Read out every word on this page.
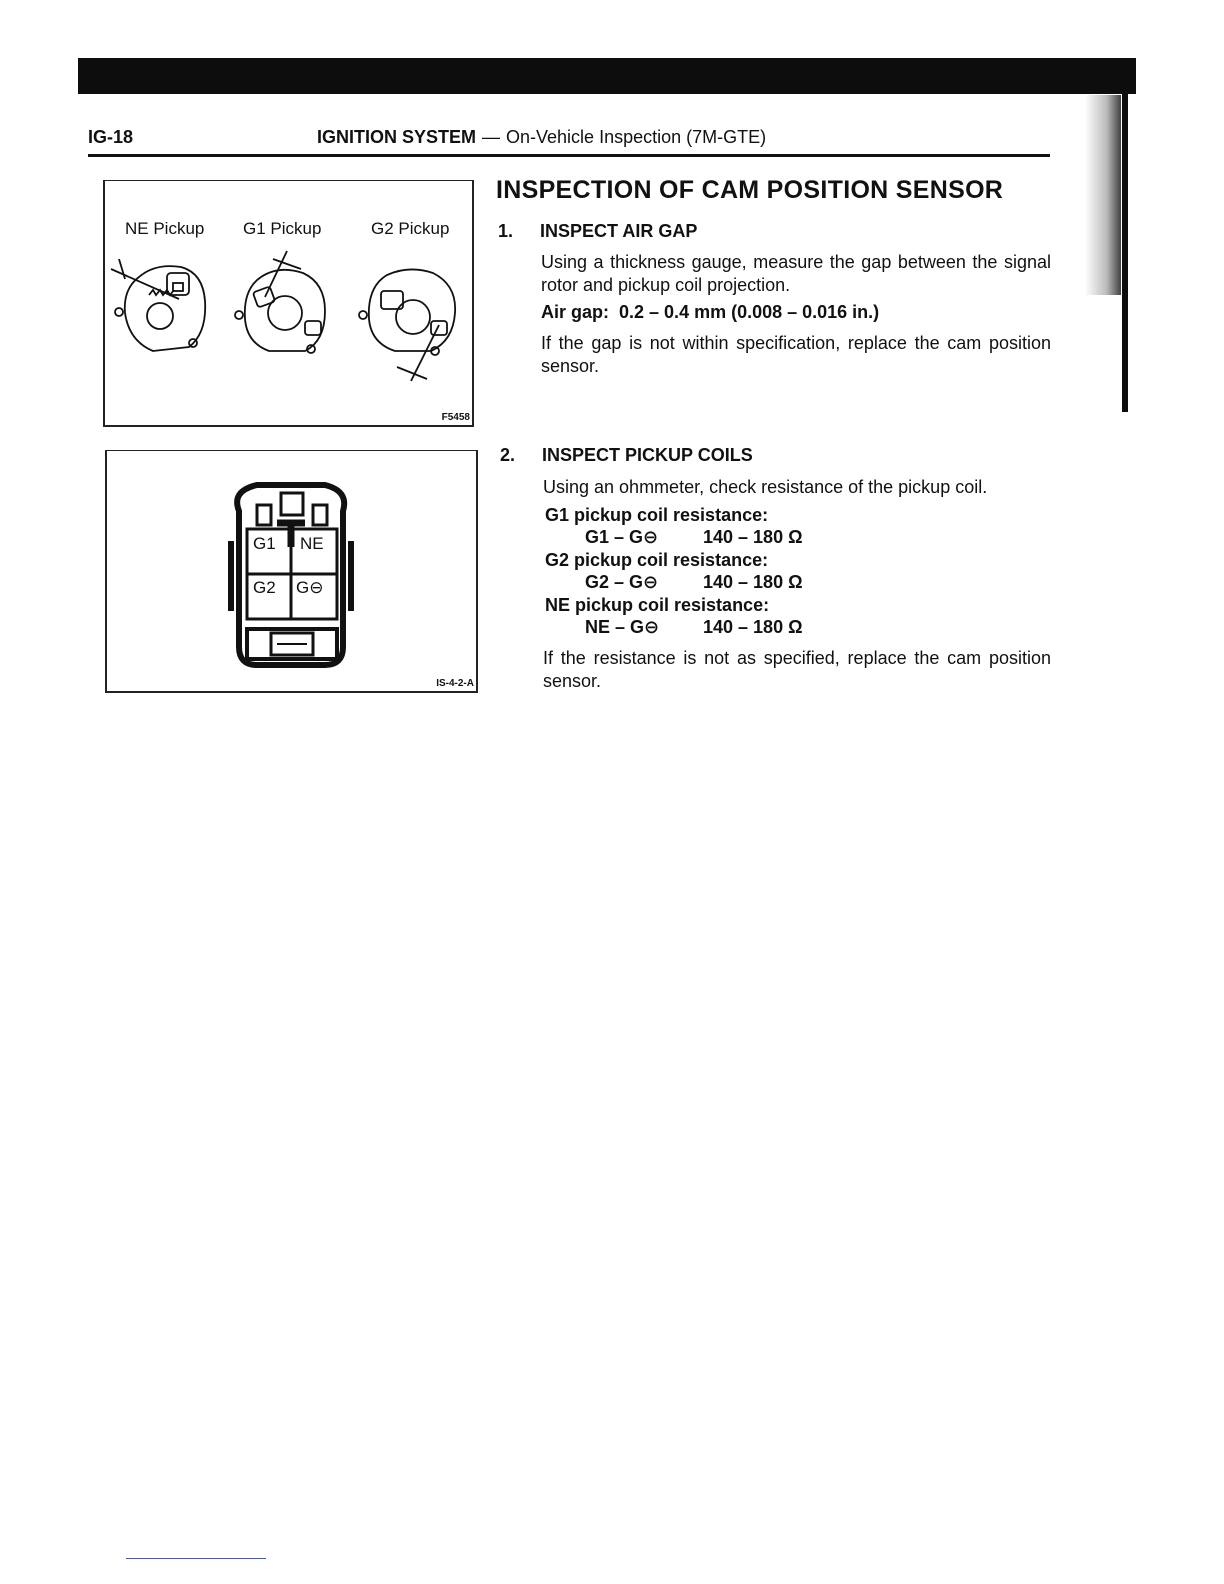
IG-18	IGNITION SYSTEM — On-Vehicle Inspection (7M-GTE)
NE Pickup G1 Pickup	G2 Pickup
F5458
G1 NE
G2 G⊖
IS-4-2-A
INSPECTION OF CAM POSITION SENSOR
1. INSPECT AIR GAP
Using a thickness gauge, measure the gap between the signal rotor and pickup coil projection.
Air gap: 0.2 – 0.4 mm (0.008 – 0.016 in.)
If the gap is not within specification, replace the cam position sensor.
2. INSPECT PICKUP COILS
Using an ohmmeter, check resistance of the pickup coil.
G1 pickup coil resistance:
G1 – G⊖ 140 – 180 Ω
G2 pickup coil resistance:
G2 – G⊖ 140 – 180 Ω
NE pickup coil resistance:
NE – G⊖ 140 – 180 Ω
If the resistance is not as specified, replace the cam position sensor.
